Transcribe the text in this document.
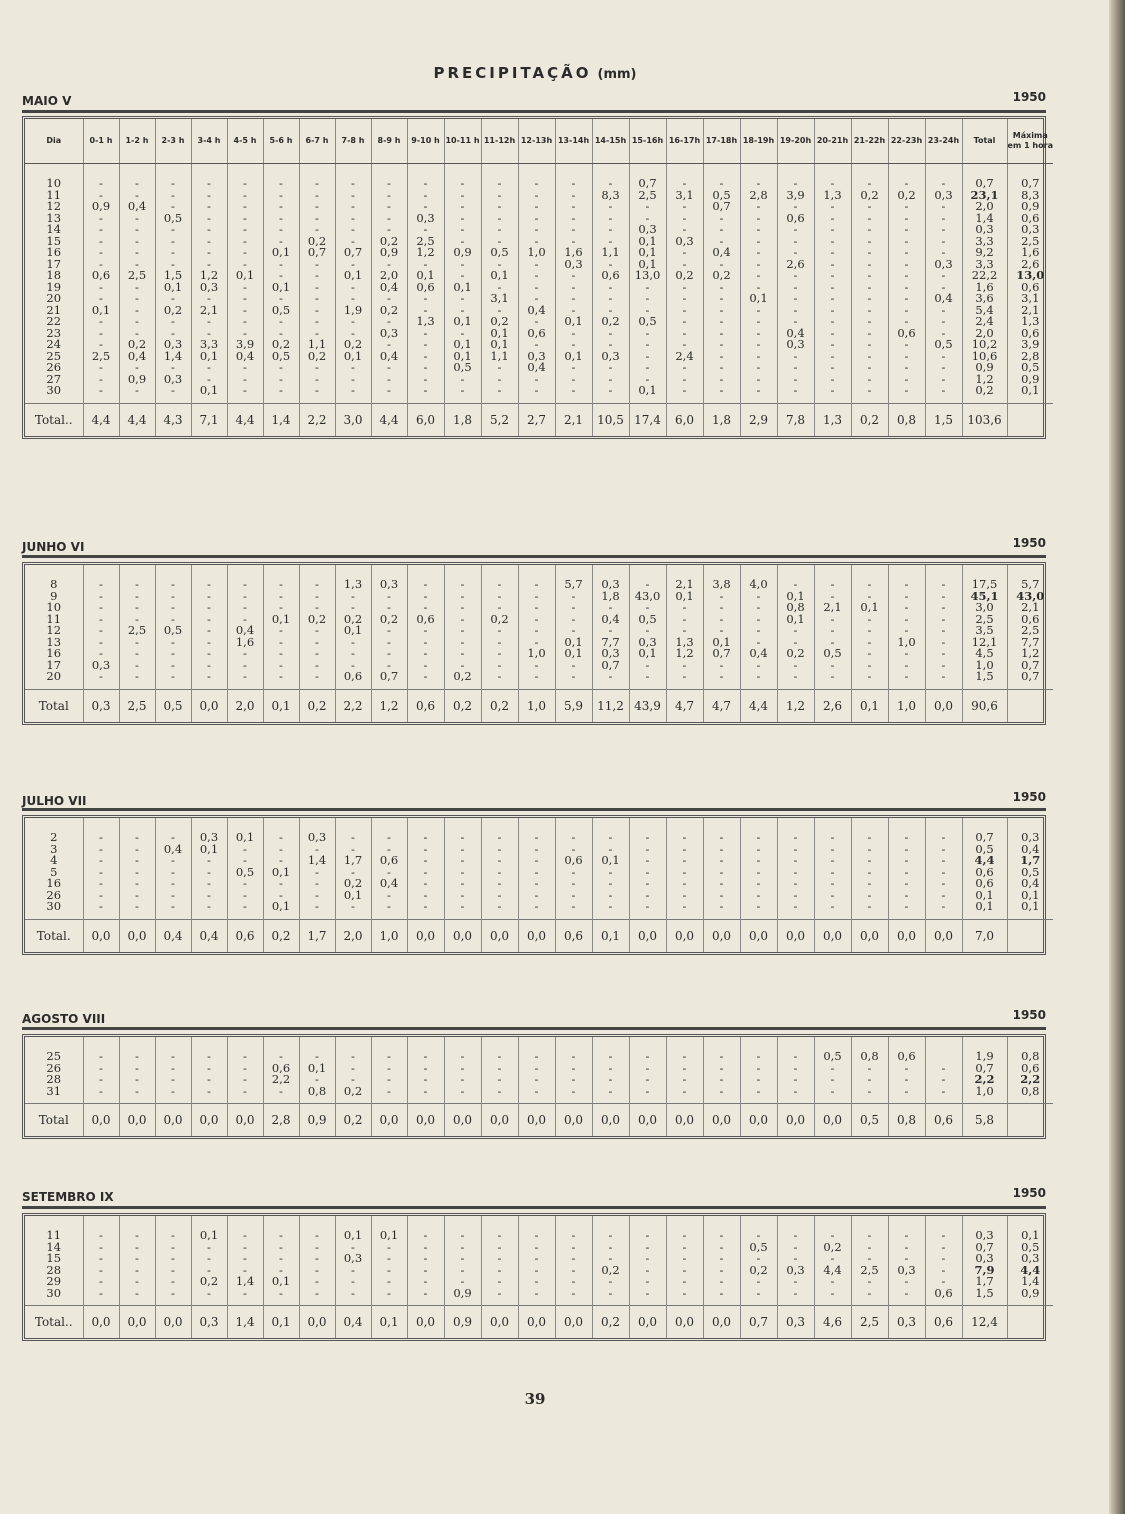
PRECIPITAÇÃO (mm)
MAIO V	1950
Dia	0-1 h	1-2 h	2-3 h	3-4 h	4-5 h	5-6 h	6-7 h	7-8 h	8-9 h	9-10 h	10-11 h	11-12h	12-13h	13-14h	14-15h	15-16h	16-17h	17-18h	18-19h	19-20h	20-21h	21-22h	22-23h	23-24h	Total	Máxima em 1 hora

10	-	-	-	-	-	-	-	-	-	-	-	-	-	-	-	0,7	-	-	-	-	-	-	-	-	0,7	0,7
11	-	-	-	-	-	-	-	-	-	-	-	-	-	-	8,3	2,5	3,1	0,5	2,8	3,9	1,3	0,2	0,2	0,3	23,1	8,3
12	0,9	0,4	-	-	-	-	-	-	-	-	-	-	-	-	-	-	-	0,7	-	-	-	-	-	-	2,0	0,9
13	-	-	0,5	-	-	-	-	-	-	0,3	-	-	-	-	-	-	-	-	-	0,6	-	-	-	-	1,4	0,6
14	-	-	-	-	-	-	-	-	-	-	-	-	-	-	-	0,3	-	-	-	-	-	-	-	-	0,3	0,3
15	-	-	-	-	-	-	0,2	-	0,2	2,5	-	-	-	-	-	0,1	0,3	-	-	-	-	-	-	-	3,3	2,5
16	-	-	-	-	-	0,1	0,7	0,7	0,9	1,2	0,9	0,5	1,0	1,6	1,1	0,1	-	0,4	-	-	-	-	-	-	9,2	1,6
17	-	-	-	-	-	-	-	-	-	-	-	-	-	0,3	-	0,1	-	-	-	2,6	-	-	-	0,3	3,3	2,6
18	0,6	2,5	1,5	1,2	0,1	-	-	0,1	2,0	0,1	-	0,1	-	-	0,6	13,0	0,2	0,2	-	-	-	-	-	-	22,2	13,0
19	-	-	0,1	0,3	-	0,1	-	-	0,4	0,6	0,1	-	-	-	-	-	-	-	-	-	-	-	-	-	1,6	0,6
20	-	-	-	-	-	-	-	-	-	-	-	3,1	-	-	-	-	-	-	0,1	-	-	-	-	0,4	3,6	3,1
21	0,1	-	0,2	2,1	-	0,5	-	1,9	0,2	-	-	-	0,4	-	-	-	-	-	-	-	-	-	-	-	5,4	2,1
22	-	-	-	-	-	-	-	-	-	1,3	0,1	0,2	-	0,1	0,2	0,5	-	-	-	-	-	-	-	-	2,4	1,3
23	-	-	-	-	-	-	-	-	0,3	-	-	0,1	0,6	-	-	-	-	-	-	0,4	-	-	0,6	-	2,0	0,6
24	-	0,2	0,3	3,3	3,9	0,2	1,1	0,2	-	-	0,1	0,1	-	-	-	-	-	-	-	0,3	-	-	-	0,5	10,2	3,9
25	2,5	0,4	1,4	0,1	0,4	0,5	0,2	0,1	0,4	-	0,1	1,1	0,3	0,1	0,3	-	2,4	-	-	-	-	-	-	-	10,6	2,8
26	-	-	-	-	-	-	-	-	-	-	0,5	-	0,4	-	-	-	-	-	-	-	-	-	-	-	0,9	0,5
27	-	0,9	0,3	-	-	-	-	-	-	-	-	-	-	-	-	-	-	-	-	-	-	-	-	-	1,2	0,9
30	-	-	-	0,1	-	-	-	-	-	-	-	-	-	-	-	0,1	-	-	-	-	-	-	-	-	0,2	0,1

Total..	4,4	4,4	4,3	7,1	4,4	1,4	2,2	3,0	4,4	6,0	1,8	5,2	2,7	2,1	10,5	17,4	6,0	1,8	2,9	7,8	1,3	0,2	0,8	1,5	103,6	
JUNHO VI	1950

8	-	-	-	-	-	-	-	1,3	0,3	-	-	-	-	5,7	0,3	-	2,1	3,8	4,0	-	-	-	-	-	17,5	5,7
9	-	-	-	-	-	-	-	-	-	-	-	-	-	-	1,8	43,0	0,1	-	-	0,1	-	-	-	-	45,1	43,0
10	-	-	-	-	-	-	-	-	-	-	-	-	-	-	-	-	-	-	-	0,8	2,1	0,1	-	-	3,0	2,1
11	-	-	-	-	-	0,1	0,2	0,2	0,2	0,6	-	0,2	-	-	0,4	0,5	-	-	-	0,1	-	-	-	-	2,5	0,6
12	-	2,5	0,5	-	0,4	-	-	0,1	-	-	-	-	-	-	-	-	-	-	-	-	-	-	-	-	3,5	2,5
13	-	-	-	-	1,6	-	-	-	-	-	-	-	-	0,1	7,7	0,3	1,3	0,1	-	-	-	-	1,0	-	12,1	7,7
16	-	-	-	-	-	-	-	-	-	-	-	-	1,0	0,1	0,3	0,1	1,2	0,7	0,4	0,2	0,5	-	-	-	4,5	1,2
17	0,3	-	-	-	-	-	-	-	-	-	-	-	-	-	0,7	-	-	-	-	-	-	-	-	-	1,0	0,7
20	-	-	-	-	-	-	-	0,6	0,7	-	0,2	-	-	-	-	-	-	-	-	-	-	-	-	-	1,5	0,7

Total	0,3	2,5	0,5	0,0	2,0	0,1	0,2	2,2	1,2	0,6	0,2	0,2	1,0	5,9	11,2	43,9	4,7	4,7	4,4	1,2	2,6	0,1	1,0	0,0	90,6	
JULHO VII	1950

2	-	-	-	0,3	0,1	-	0,3	-	-	-	-	-	-	-	-	-	-	-	-	-	-	-	-	-	0,7	0,3
3	-	-	0,4	0,1	-	-	-	-	-	-	-	-	-	-	-	-	-	-	-	-	-	-	-	-	0,5	0,4
4	-	-	-	-	-	-	1,4	1,7	0,6	-	-	-	-	0,6	0,1	-	-	-	-	-	-	-	-	-	4,4	1,7
5	-	-	-	-	0,5	0,1	-	-	-	-	-	-	-	-	-	-	-	-	-	-	-	-	-	-	0,6	0,5
16	-	-	-	-	-	-	-	0,2	0,4	-	-	-	-	-	-	-	-	-	-	-	-	-	-	-	0,6	0,4
26	-	-	-	-	-	-	-	0,1	-	-	-	-	-	-	-	-	-	-	-	-	-	-	-	-	0,1	0,1
30	-	-	-	-	-	0,1	-	-	-	-	-	-	-	-	-	-	-	-	-	-	-	-	-	-	0,1	0,1

Total.	0,0	0,0	0,4	0,4	0,6	0,2	1,7	2,0	1,0	0,0	0,0	0,0	0,0	0,6	0,1	0,0	0,0	0,0	0,0	0,0	0,0	0,0	0,0	0,0	7,0	
AGOSTO VIII	1950

25	-	-	-	-	-	-	-	-	-	-	-	-	-	-	-	-	-	-	-	-	0,5	0,8	0,6		1,9	0,8
26	-	-	-	-	-	0,6	0,1	-	-	-	-	-	-	-	-	-	-	-	-	-	-	-	-	-	0,7	0,6
28	-	-	-	-	-	2,2	-	-	-	-	-	-	-	-	-	-	-	-	-	-	-	-	-	-	2,2	2,2
31	-	-	-	-	-	-	0,8	0,2	-	-	-	-	-	-	-	-	-	-	-	-	-	-	-	-	1,0	0,8

Total	0,0	0,0	0,0	0,0	0,0	2,8	0,9	0,2	0,0	0,0	0,0	0,0	0,0	0,0	0,0	0,0	0,0	0,0	0,0	0,0	0,0	0,5	0,8	0,6	5,8	
SETEMBRO IX	1950

11	-	-	-	0,1	-	-	-	0,1	0,1	-	-	-	-	-	-	-	-	-	-	-	-	-	-	-	0,3	0,1
14	-	-	-	-	-	-	-	-	-	-	-	-	-	-	-	-	-	-	0,5	-	0,2	-	-	-	0,7	0,5
15	-	-	-	-	-	-	-	0,3	-	-	-	-	-	-	-	-	-	-	-	-	-	-	-	-	0,3	0,3
28	-	-	-	-	-	-	-	-	-	-	-	-	-	-	0,2	-	-	-	0,2	0,3	4,4	2,5	0,3	-	7,9	4,4
29	-	-	-	0,2	1,4	0,1	-	-	-	-	-	-	-	-	-	-	-	-	-	-	-	-	-	-	1,7	1,4
30	-	-	-	-	-	-	-	-	-	-	0,9	-	-	-	-	-	-	-	-	-	-	-	-	0,6	1,5	0,9

Total..	0,0	0,0	0,0	0,3	1,4	0,1	0,0	0,4	0,1	0,0	0,9	0,0	0,0	0,0	0,2	0,0	0,0	0,0	0,7	0,3	4,6	2,5	0,3	0,6	12,4	
39
